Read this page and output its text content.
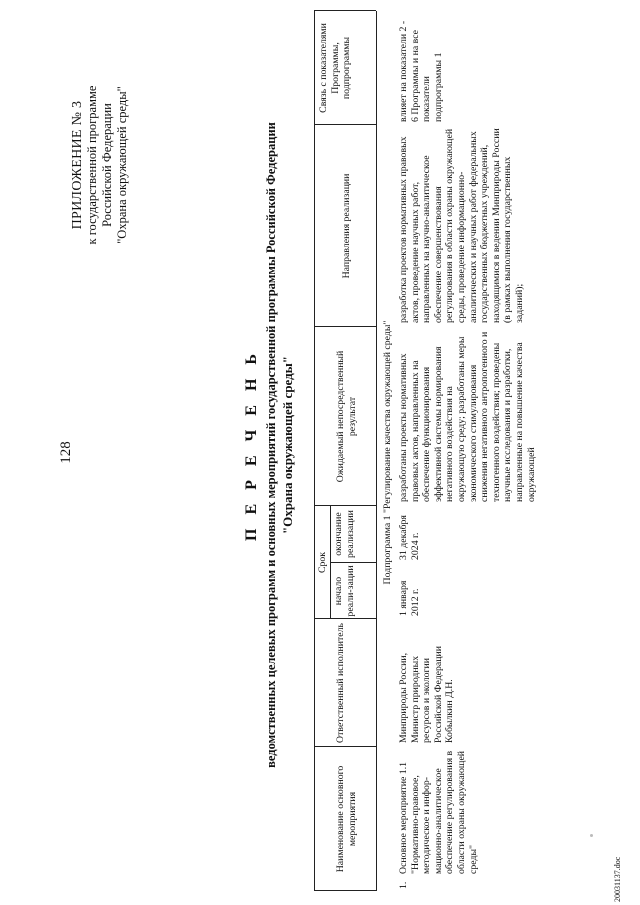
128
ПРИЛОЖЕНИЕ № 3 к государственной программе Российской Федерации "Охрана окружающей среды"
П Е Р Е Ч Е Н Ь ведомственных целевых программ и основных мероприятий государственной программы Российской Федерации "Охрана окружающей среды"
Наименование основного мероприятия
Ответственный исполнитель
Срок
начало реали-зации
окончание реализации
Ожидаемый непосредственный результат
Направления реализации
Связь с показателями Программы, подпрограммы
Подпрограмма 1 "Регулирование качества окружающей среды"
1.
Основное мероприятие 1.1 "Нормативно-правовое, методическое и инфор-мационно-аналитическое обеспечение регулирования в области охраны окружающей среды"
Минприроды России, Министр природных ресурсов и экологии Российской Федерации Кобылкин Д.Н.
1 января 2012 г.
31 декабря 2024 г.
разработаны проекты нормативных правовых актов, направленных на обеспечение функционирования эффективной системы нормирования негативного воздействия на окружающую среду; разработаны меры экономического стимулирования снижения негативного антропогенного и техногенного воздействия; проведены научные исследования и разработки, направленные на повышение качества окружающей
разработка проектов нормативных правовых актов, проведение научных работ, направленных на научно-аналитическое обеспечение совершенствования регулирования в области охраны окружающей среды, проведение информационно-аналитических и научных работ федеральных государственных бюджетных учреждений, находящимися в ведении Минприроды России (в рамках выполнения государственных заданий);
влияет на показатели 2 - 6 Программы и на все показатели подпрограммы 1
20031137.doc
